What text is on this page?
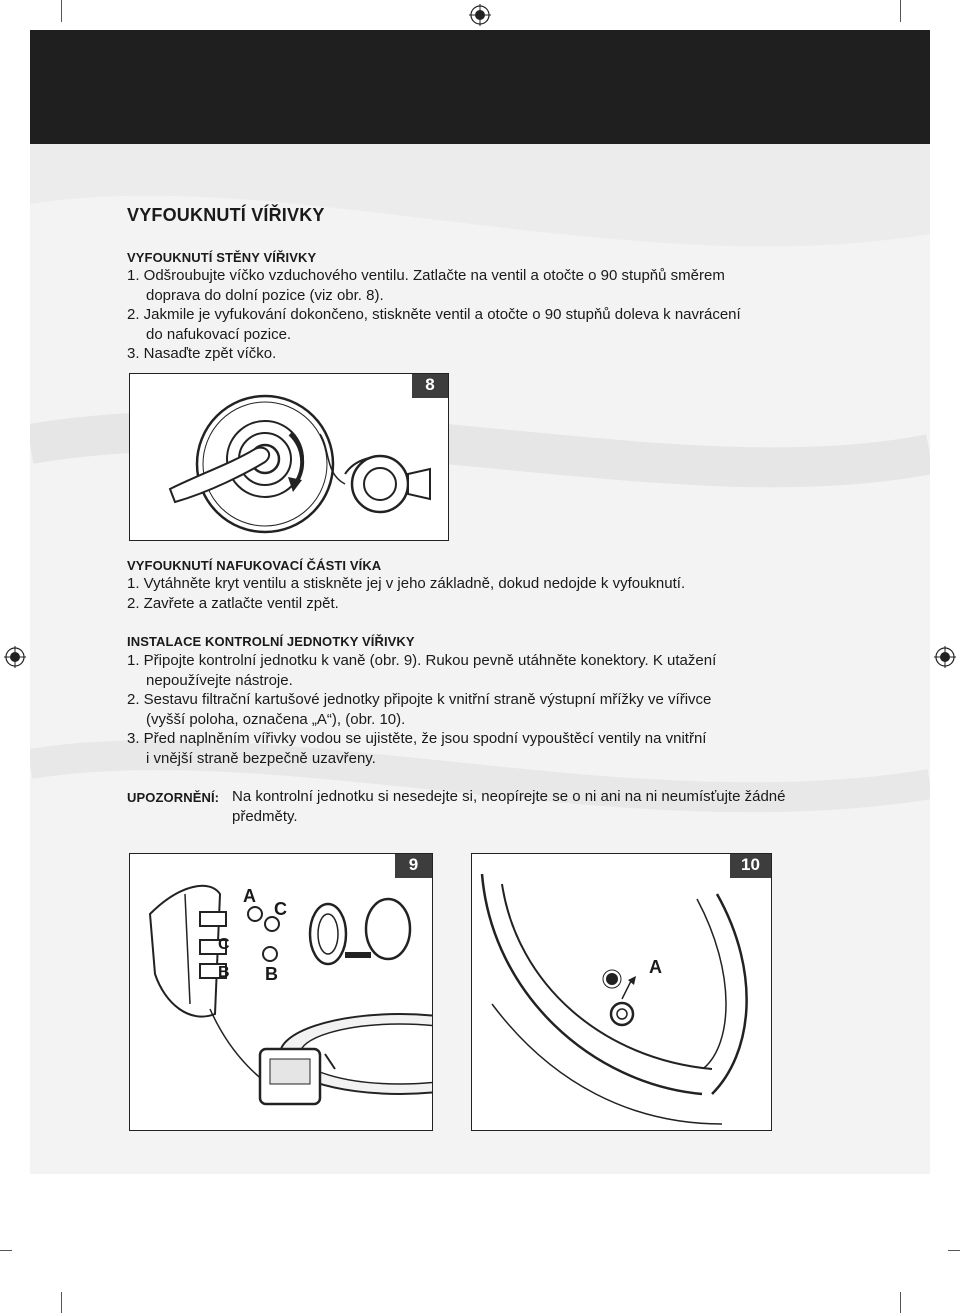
VYFOUKNUTÍ VÍŘIVKY
VYFOUKNUTÍ STĚNY VÍŘIVKY

1. Odšroubujte víčko vzduchového ventilu. Zatlačte na ventil a otočte o 90 stupňů směrem

doprava do dolní pozice (viz obr. 8).

2. Jakmile je vyfukování dokončeno, stiskněte ventil a otočte o 90 stupňů doleva k navrácení

do nafukovací pozice.

3. Nasaďte zpět víčko.

8
VYFOUKNUTÍ NAFUKOVACÍ ČÁSTI VÍKA

1. Vytáhněte kryt ventilu a stiskněte jej v jeho základně, dokud nedojde k vyfouknutí.

2. Zavřete a zatlačte ventil zpět.

INSTALACE KONTROLNÍ JEDNOTKY VÍŘIVKY

1. Připojte kontrolní jednotku k vaně (obr. 9). Rukou pevně utáhněte konektory. K utažení

nepoužívejte nástroje.

2. Sestavu filtrační kartušové jednotky připojte k vnitřní straně výstupní mřížky ve vířivce

(vyšší poloha, označena „A“), (obr. 10).

3. Před naplněním vířivky vodou se ujistěte, že jsou spodní vypouštěcí ventily na vnitřní

i vnější straně bezpečně uzavřeny.

UPOZORNĚNÍ: Na kontrolní jednotku si nesedejte si, neopírejte se o ni ani na ni neumísťujte žádné

předměty.

9
A
C
C
B
B
10
A
